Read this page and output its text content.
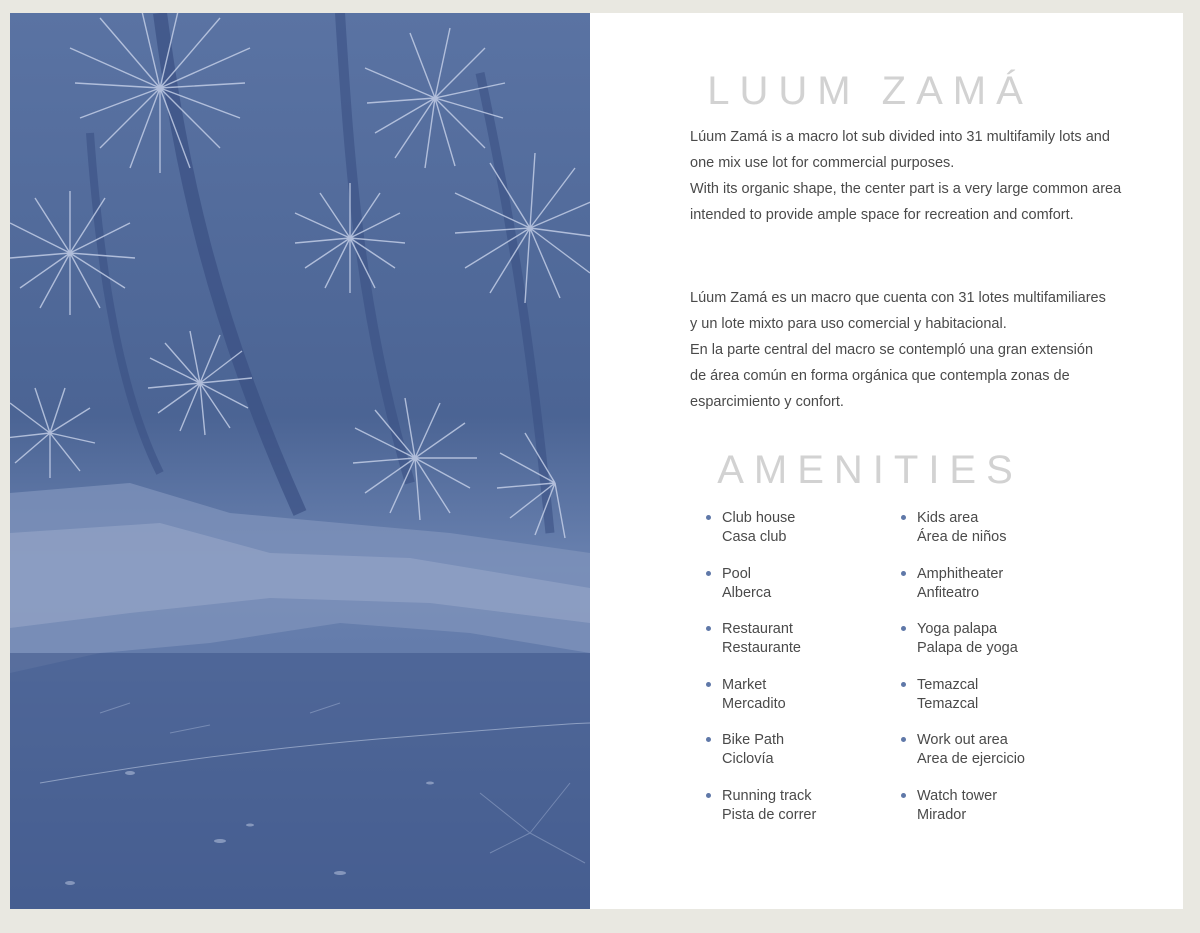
LUUM ZAMÁ
Lúum Zamá is a macro lot sub divided into 31 multifamily lots and
one mix use lot for commercial purposes.
With its organic shape, the center part is a very large common area
intended to provide ample space for recreation and comfort.
Lúum Zamá es un macro que cuenta con 31 lotes multifamiliares
y un lote mixto para uso comercial y habitacional.
En la parte central del macro se contempló una gran extensión
de área común en forma orgánica que contempla zonas de
esparcimiento y confort.
AMENITIES
Club house
Casa club
Kids area
Área de niños
Pool
Alberca
Amphitheater
Anfiteatro
Restaurant
Restaurante
Yoga palapa
Palapa de yoga
Market
Mercadito
Temazcal
Temazcal
Bike Path
Ciclovía
Work out area
Area de ejercicio
Running track
Pista de correr
Watch tower
Mirador
